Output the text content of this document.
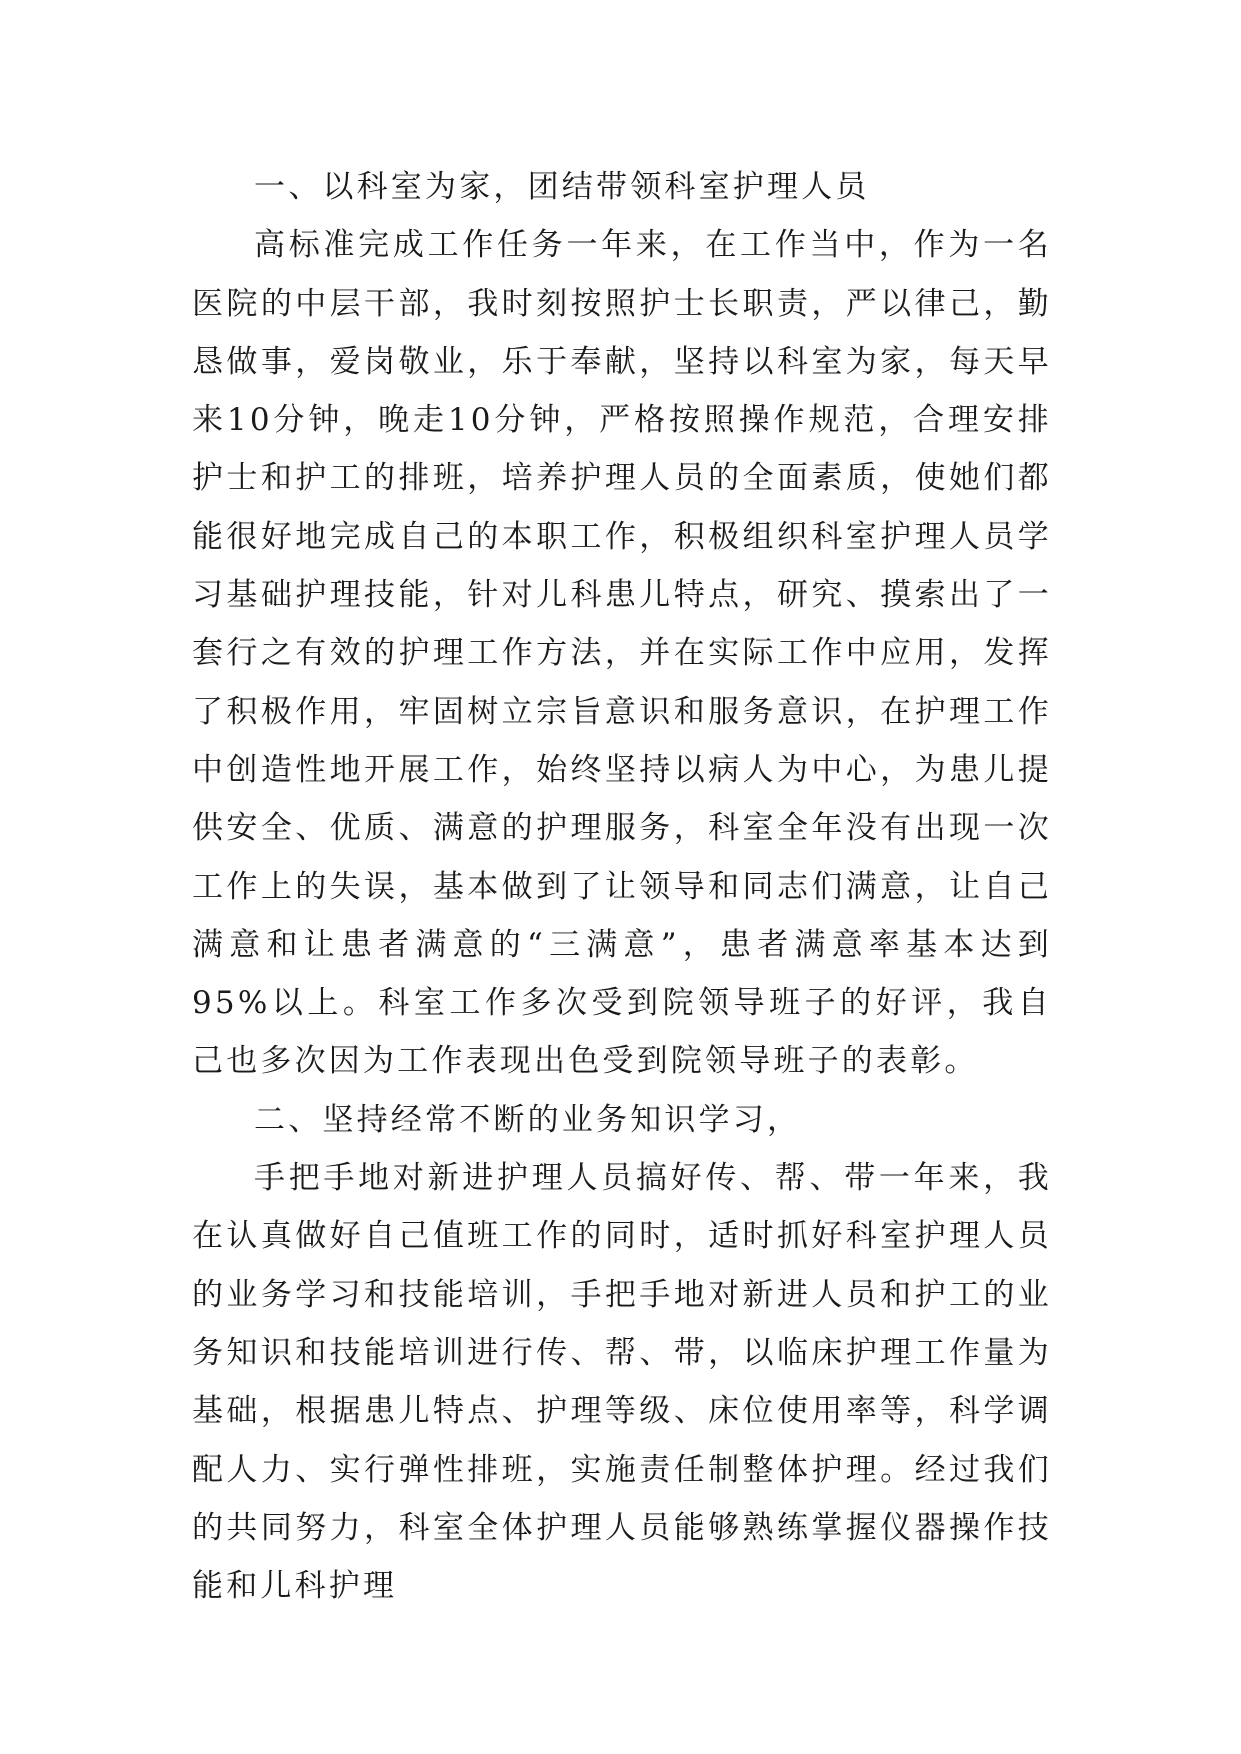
一、以科室为家，团结带领科室护理人员

高标准完成工作任务一年来，在工作当中，作为一名医院的中层干部，我时刻按照护士长职责，严以律己，勤恳做事，爱岗敬业，乐于奉献，坚持以科室为家，每天早来10分钟，晚走10分钟，严格按照操作规范，合理安排护士和护工的排班，培养护理人员的全面素质，使她们都能很好地完成自己的本职工作，积极组织科室护理人员学习基础护理技能，针对儿科患儿特点，研究、摸索出了一套行之有效的护理工作方法，并在实际工作中应用，发挥了积极作用，牢固树立宗旨意识和服务意识，在护理工作中创造性地开展工作，始终坚持以病人为中心，为患儿提供安全、优质、满意的护理服务，科室全年没有出现一次工作上的失误，基本做到了让领导和同志们满意，让自己满意和让患者满意的“三满意”，患者满意率基本达到95%以上。科室工作多次受到院领导班子的好评，我自己也多次因为工作表现出色受到院领导班子的表彰。

二、坚持经常不断的业务知识学习，

手把手地对新进护理人员搞好传、帮、带一年来，我在认真做好自己值班工作的同时，适时抓好科室护理人员的业务学习和技能培训，手把手地对新进人员和护工的业务知识和技能培训进行传、帮、带，以临床护理工作量为基础，根据患儿特点、护理等级、床位使用率等，科学调配人力、实行弹性排班，实施责任制整体护理。经过我们的共同努力，科室全体护理人员能够熟练掌握仪器操作技能和儿科护理
